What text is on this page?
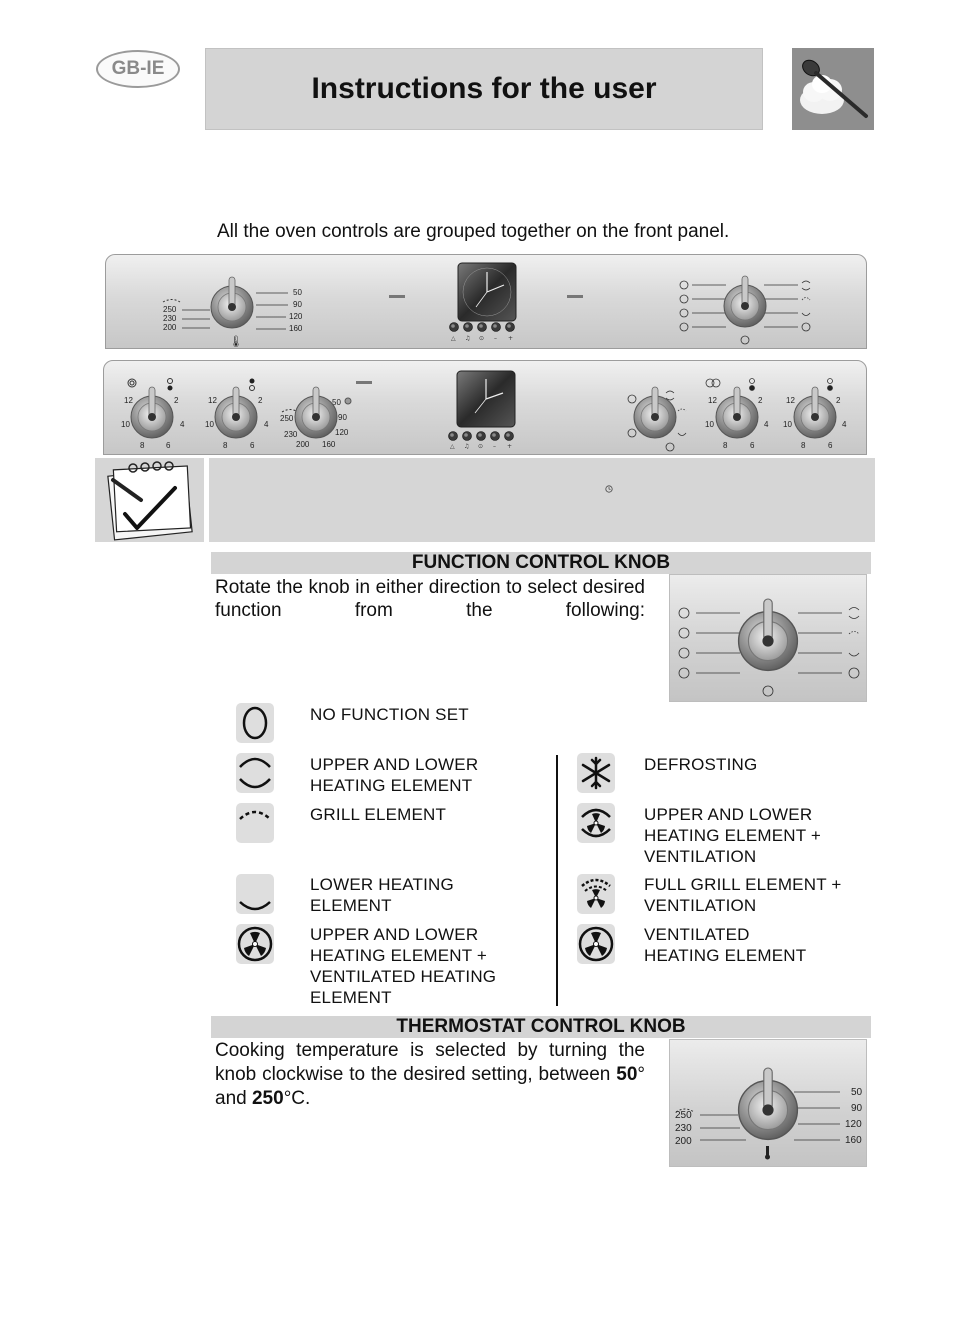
GB-IE
Instructions for the user
All the oven controls are grouped together on the front panel.
250
230
200
50
90
120
160
🌡	△ ♫ ⊙ – +
12	2
4
6
8
10
12	2
4
6
8
10
250
230
200
50
90
120
160	△ ♫ ⊙ – +
12	2
4
6
8
10
12	2
4
6
8
10
FUNCTION CONTROL KNOB
Rotate the knob in either direction to select desired function from the following:
NO FUNCTION SET
UPPER AND LOWER
HEATING ELEMENT
GRILL ELEMENT
LOWER HEATING
ELEMENT
UPPER AND LOWER
HEATING ELEMENT +
VENTILATED HEATING
ELEMENT
DEFROSTING
UPPER AND LOWER
HEATING ELEMENT +
VENTILATION
FULL GRILL ELEMENT +
VENTILATION
VENTILATED
HEATING ELEMENT
THERMOSTAT CONTROL KNOB
Cooking temperature is selected by turning the knob clockwise to the desired setting, between 50° and 250°C.
250
230
200
50
90
120
160
